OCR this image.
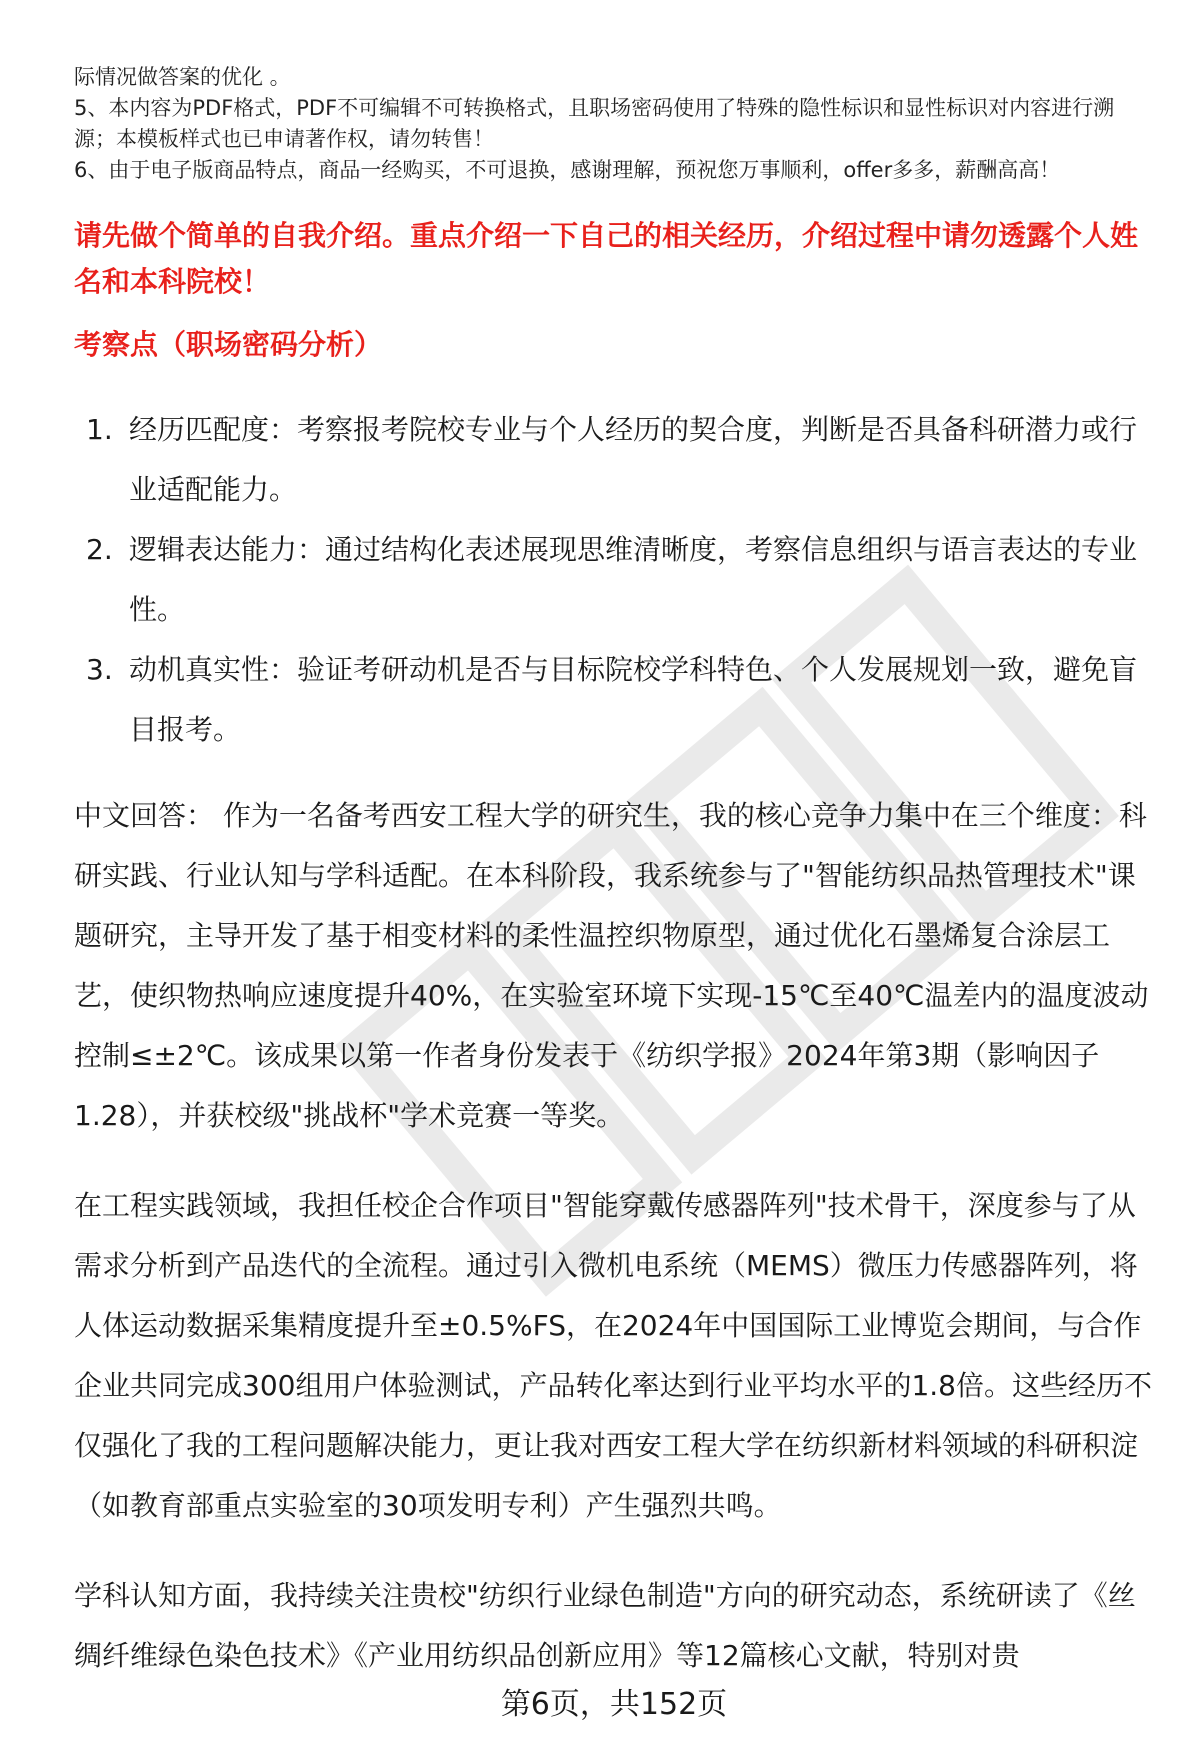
际情况做答案的优化 。

5、本内容为PDF格式，PDF不可编辑不可转换格式，且职场密码使用了特殊的隐性标识和显性标识对内容进行溯源；本模板样式也已申请著作权，请勿转售！

6、由于电子版商品特点，商品一经购买，不可退换，感谢理解，预祝您万事顺利，offer多多，薪酬高高！

请先做个简单的自我介绍。重点介绍一下自己的相关经历，介绍过程中请勿透露个人姓名和本科院校！
考察点（职场密码分析）
1. 经历匹配度：考察报考院校专业与个人经历的契合度，判断是否具备科研潜力或行业适配能力。
2. 逻辑表达能力：通过结构化表述展现思维清晰度，考察信息组织与语言表达的专业性。
3. 动机真实性：验证考研动机是否与目标院校学科特色、个人发展规划一致，避免盲目报考。

中文回答： 作为一名备考西安工程大学的研究生，我的核心竞争力集中在三个维度：科研实践、行业认知与学科适配。在本科阶段，我系统参与了"智能纺织品热管理技术"课题研究，主导开发了基于相变材料的柔性温控织物原型，通过优化石墨烯复合涂层工艺，使织物热响应速度提升40%，在实验室环境下实现-15℃至40℃温差内的温度波动控制≤±2℃。该成果以第一作者身份发表于《纺织学报》2024年第3期（影响因子1.28），并获校级"挑战杯"学术竞赛一等奖。

在工程实践领域，我担任校企合作项目"智能穿戴传感器阵列"技术骨干，深度参与了从需求分析到产品迭代的全流程。通过引入微机电系统（MEMS）微压力传感器阵列，将人体运动数据采集精度提升至±0.5%FS，在2024年中国国际工业博览会期间，与合作企业共同完成300组用户体验测试，产品转化率达到行业平均水平的1.8倍。这些经历不仅强化了我的工程问题解决能力，更让我对西安工程大学在纺织新材料领域的科研积淀（如教育部重点实验室的30项发明专利）产生强烈共鸣。

学科认知方面，我持续关注贵校"纺织行业绿色制造"方向的研究动态，系统研读了《丝绸纤维绿色染色技术》《产业用纺织品创新应用》等12篇核心文献，特别对贵

第6页，共152页
